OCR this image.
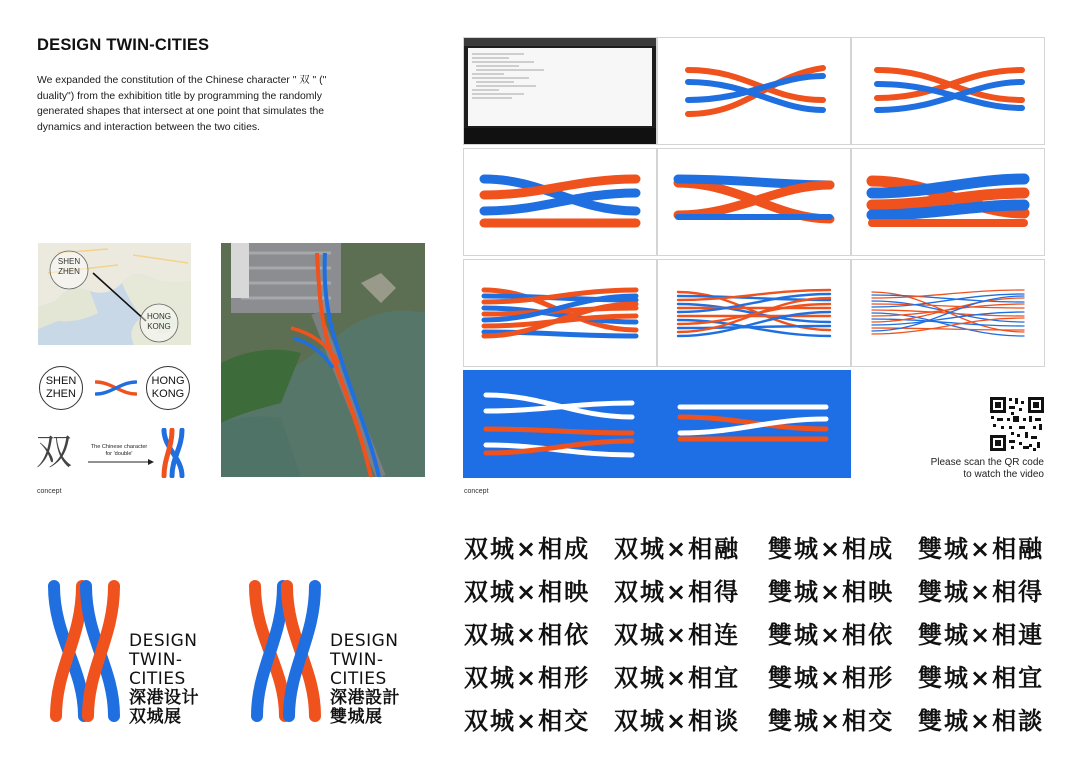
DESIGN TWIN-CITIES
We expanded the constitution of the Chinese character " 双 " (" duality") from the exhibition title by programming the randomly generated shapes that intersect at one point that simulates the dynamics and interaction between the two cities.
SHEN
ZHEN
HONG
KONG
SHEN
ZHEN
HONG
KONG
双	The Chinese character
for 'double'
concept
Please scan the QR code
to watch the video
concept
DESIGN
TWIN-
CITIES
深港设计
双城展
DESIGN
TWIN-
CITIES
深港設計
雙城展
双城×相成 双城×相融 雙城×相成 雙城×相融
双城×相映 双城×相得 雙城×相映 雙城×相得
双城×相依 双城×相连 雙城×相依 雙城×相連
双城×相形 双城×相宜 雙城×相形 雙城×相宜
双城×相交 双城×相谈 雙城×相交 雙城×相談
